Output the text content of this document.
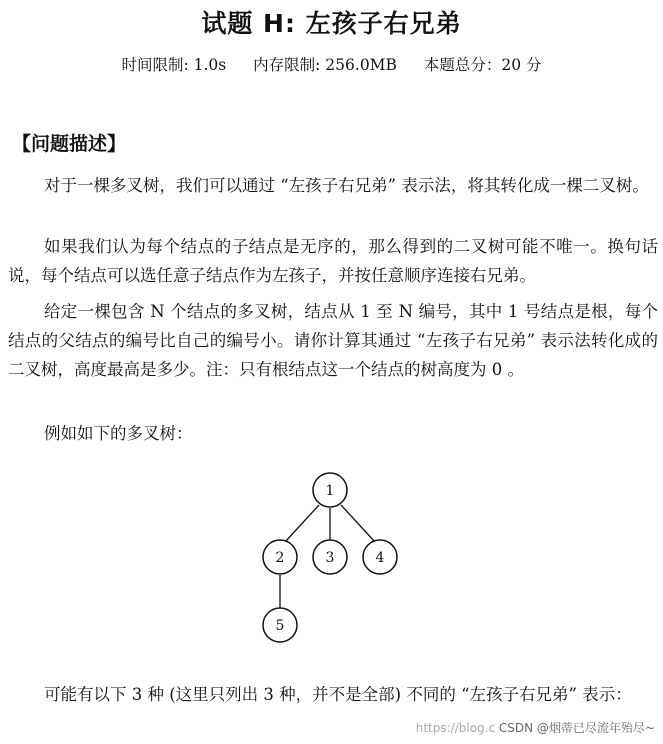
试题 H: 左孩子右兄弟
时间限制: 1.0s 内存限制: 256.0MB 本题总分：20 分
【问题描述】
对于一棵多叉树，我们可以通过 “左孩子右兄弟” 表示法，将其转化成一棵二叉树。
如果我们认为每个结点的子结点是无序的，那么得到的二叉树可能不唯一。换句话说，每个结点可以选任意子结点作为左孩子，并按任意顺序连接右兄弟。
给定一棵包含 N 个结点的多叉树，结点从 1 至 N 编号，其中 1 号结点是根，每个结点的父结点的编号比自己的编号小。请你计算其通过 “左孩子右兄弟” 表示法转化成的二叉树，高度最高是多少。注：只有根结点这一个结点的树高度为 0 。
例如如下的多叉树：
1
2	3	4
5
可能有以下 3 种 (这里只列出 3 种，并不是全部) 不同的 “左孩子右兄弟” 表示：
https://blog.c CSDN @烟蒂已尽流年殆尽~
